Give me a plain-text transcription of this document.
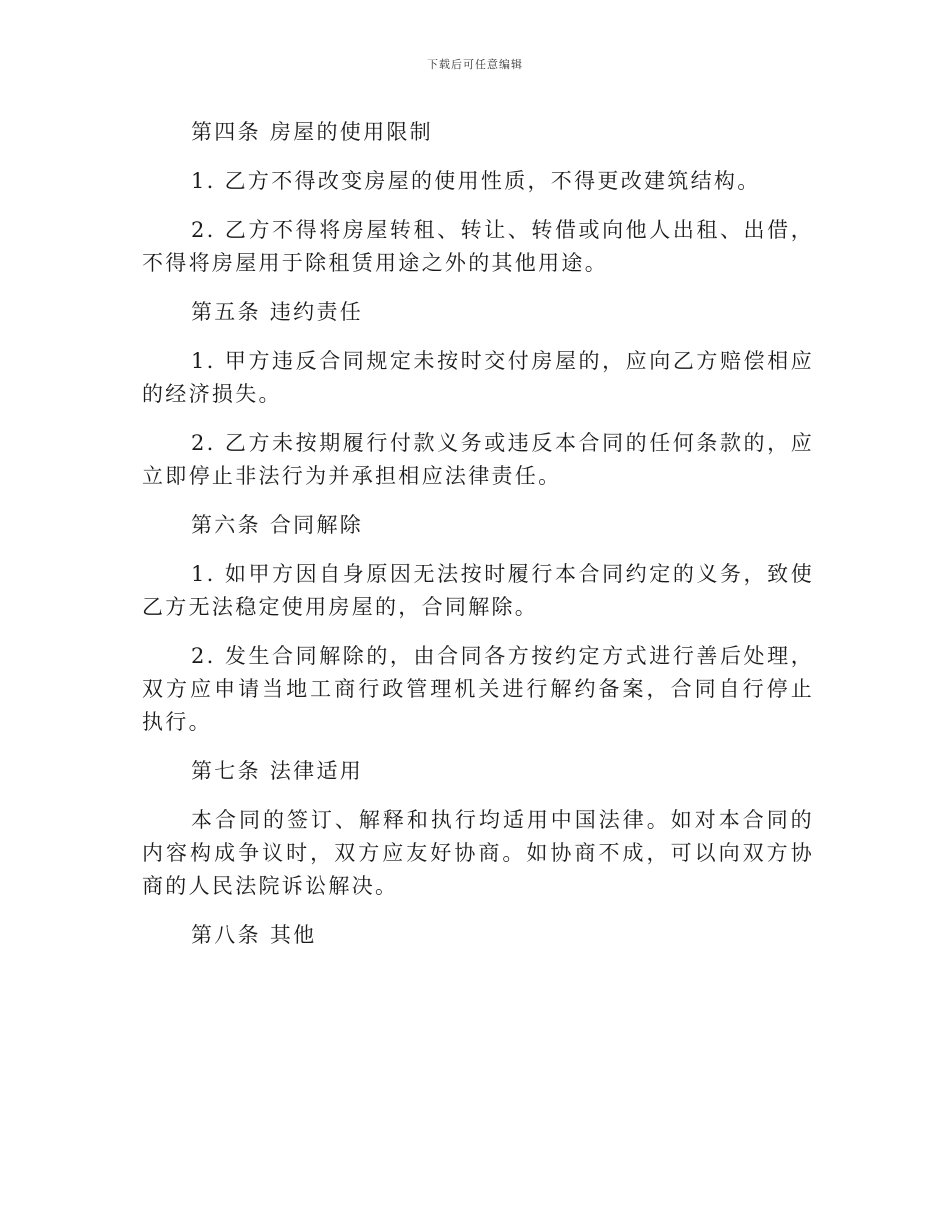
下载后可任意编辑

第四条 房屋的使用限制

1. 乙方不得改变房屋的使用性质，不得更改建筑结构。

2. 乙方不得将房屋转租、转让、转借或向他人出租、出借，不得将房屋用于除租赁用途之外的其他用途。

第五条 违约责任

1. 甲方违反合同规定未按时交付房屋的，应向乙方赔偿相应的经济损失。

2. 乙方未按期履行付款义务或违反本合同的任何条款的，应立即停止非法行为并承担相应法律责任。

第六条 合同解除

1. 如甲方因自身原因无法按时履行本合同约定的义务，致使乙方无法稳定使用房屋的，合同解除。

2. 发生合同解除的，由合同各方按约定方式进行善后处理，双方应申请当地工商行政管理机关进行解约备案，合同自行停止执行。

第七条 法律适用

本合同的签订、解释和执行均适用中国法律。如对本合同的内容构成争议时，双方应友好协商。如协商不成，可以向双方协商的人民法院诉讼解决。

第八条 其他
